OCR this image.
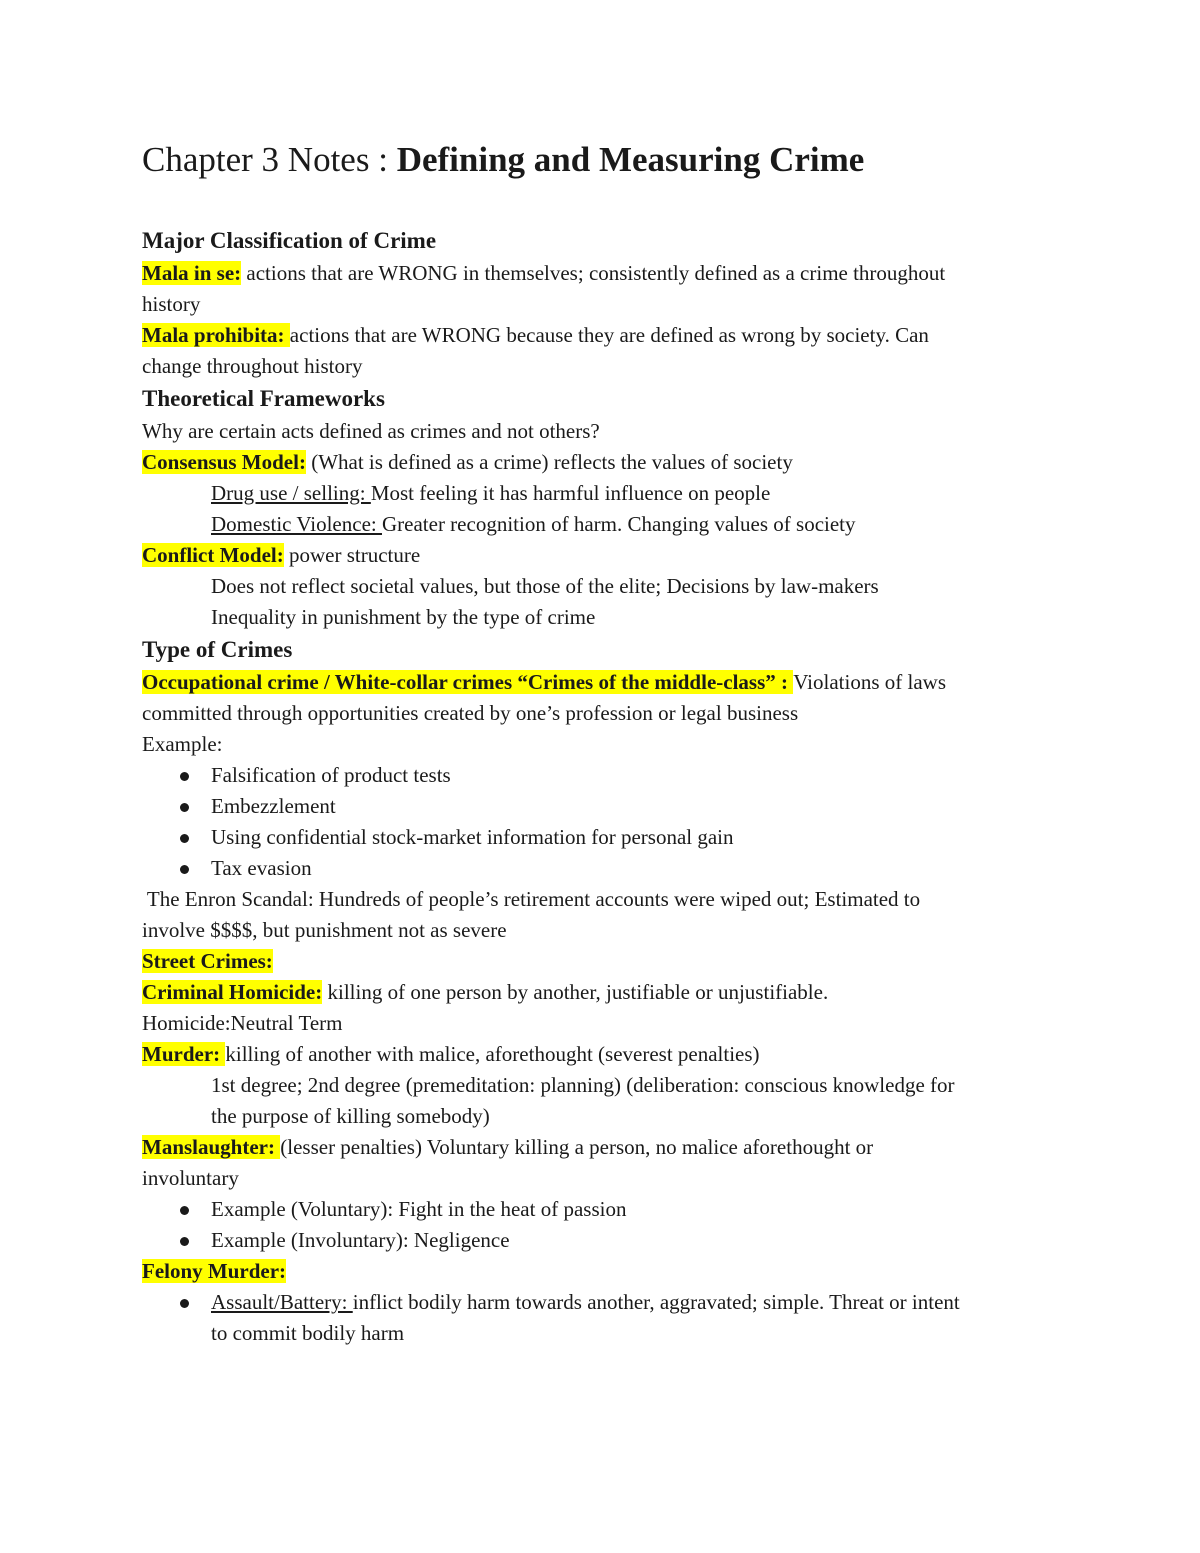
Chapter 3 Notes : Defining and Measuring Crime
Major Classification of Crime
Mala in se: actions that are WRONG in themselves; consistently defined as a crime throughout
history
Mala prohibita: actions that are WRONG because they are defined as wrong by society. Can
change throughout history
Theoretical Frameworks
Why are certain acts defined as crimes and not others?
Consensus Model: (What is defined as a crime) reflects the values of society
Drug use / selling: Most feeling it has harmful influence on people
Domestic Violence: Greater recognition of harm. Changing values of society
Conflict Model: power structure
Does not reflect societal values, but those of the elite; Decisions by law-makers
Inequality in punishment by the type of crime
Type of Crimes
Occupational crime / White-collar crimes “Crimes of the middle-class” : Violations of laws
committed through opportunities created by one’s profession or legal business
Example:
Falsification of product tests
Embezzlement
Using confidential stock-market information for personal gain
Tax evasion
The Enron Scandal: Hundreds of people’s retirement accounts were wiped out; Estimated to
involve $$$$, but punishment not as severe
Street Crimes:
Criminal Homicide: killing of one person by another, justifiable or unjustifiable.
Homicide:Neutral Term
Murder: killing of another with malice, aforethought (severest penalties)
1st degree; 2nd degree (premeditation: planning) (deliberation: conscious knowledge for
the purpose of killing somebody)
Manslaughter: (lesser penalties) Voluntary killing a person, no malice aforethought or
involuntary
Example (Voluntary): Fight in the heat of passion
Example (Involuntary): Negligence
Felony Murder:
Assault/Battery: inflict bodily harm towards another, aggravated; simple. Threat or intent
to commit bodily harm
